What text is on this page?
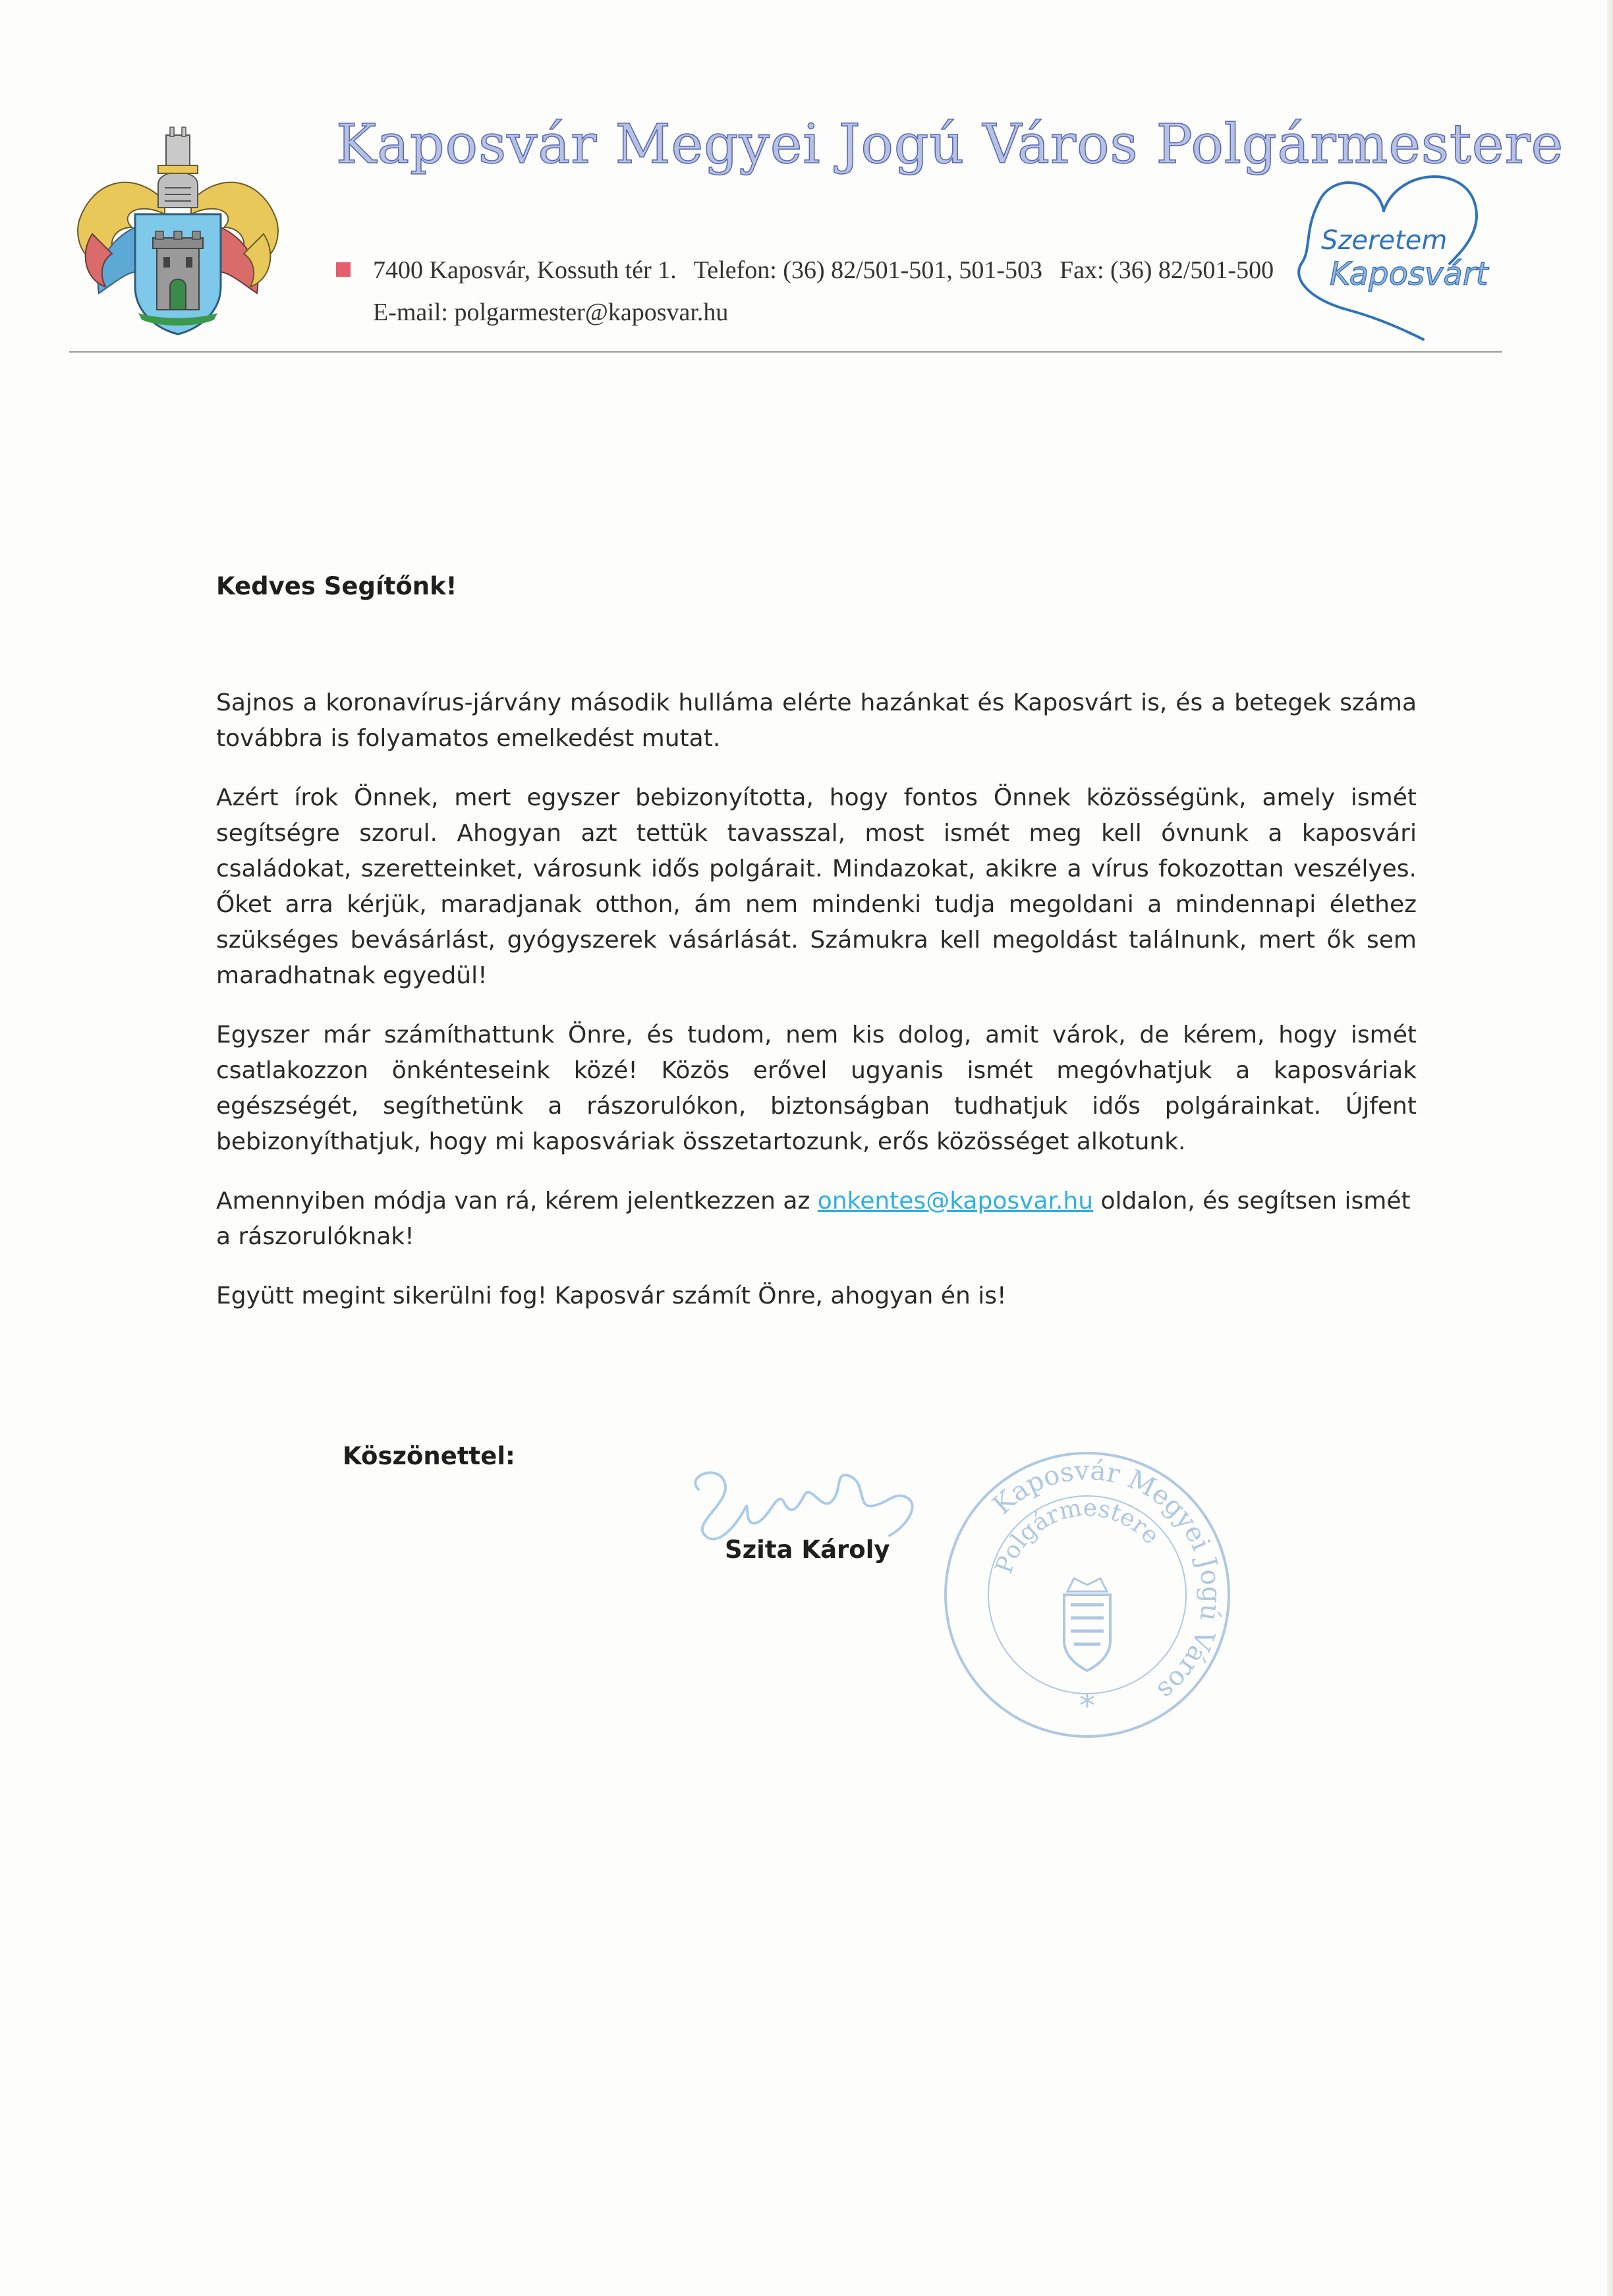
Kaposvár Megyei Jogú Város Polgármestere
7400 Kaposvár, Kossuth tér 1. Telefon: (36) 82/501-501, 501-503 Fax: (36) 82/501-500
E-mail: polgarmester@kaposvar.hu
Szeretem
Kaposvárt
Kedves Segítőnk!

Sajnos a koronavírus-járvány második hulláma elérte hazánkat és Kaposvárt is, és a betegek száma továbbra is folyamatos emelkedést mutat.

Azért írok Önnek, mert egyszer bebizonyította, hogy fontos Önnek közösségünk, amely ismét segítségre szorul. Ahogyan azt tettük tavasszal, most ismét meg kell óvnunk a kaposvári családokat, szeretteinket, városunk idős polgárait. Mindazokat, akikre a vírus fokozottan veszélyes. Őket arra kérjük, maradjanak otthon, ám nem mindenki tudja megoldani a mindennapi élethez szükséges bevásárlást, gyógyszerek vásárlását. Számukra kell megoldást találnunk, mert ők sem maradhatnak egyedül!

Egyszer már számíthattunk Önre, és tudom, nem kis dolog, amit várok, de kérem, hogy ismét csatlakozzon önkénteseink közé! Közös erővel ugyanis ismét megóvhatjuk a kaposváriak egészségét, segíthetünk a rászorulókon, biztonságban tudhatjuk idős polgárainkat. Újfent bebizonyíthatjuk, hogy mi kaposváriak összetartozunk, erős közösséget alkotunk.

Amennyiben módja van rá, kérem jelentkezzen az onkentes@kaposvar.hu oldalon, és segítsen ismét a rászorulóknak!

Együtt megint sikerülni fog! Kaposvár számít Önre, ahogyan én is!

Köszönettel:
Szita Károly
Kaposvár Megyei Jogú Város
Polgármestere
*
